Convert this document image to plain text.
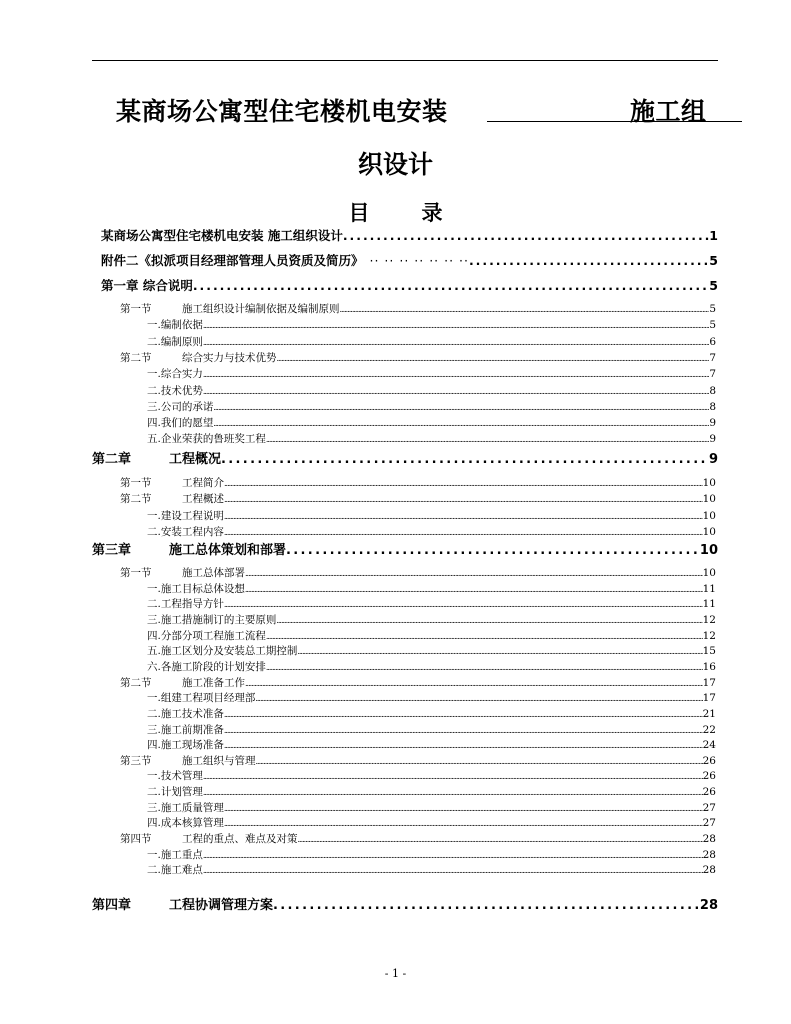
某商场公寓型住宅楼机电安装	施工组
织设计
目录
某商场公寓型住宅楼机电安装 施工组织设计 . . .	1
附件二《拟派项目经理部管理人员资质及简历》 ·· ·· ·· ·· ·· ·· ·· . . .	5
第一章 综合说明 . . .	5
第一节	施工组织设计编制依据及编制原则 .....	5
一.编制依据 .....	5
二.编制原则 .....	6
第二节	综合实力与技术优势 .....	7
一.综合实力 .....	7
二.技术优势 .....	8
三.公司的承诺 .....	8
四.我们的愿望 .....	9
五.企业荣获的鲁班奖工程 .....	9
第二章	工程概况 . . .	9
第一节	工程简介 .....	10
第二节	工程概述 .....	10
一.建设工程说明 .....	10
二.安装工程内容 .....	10
第三章	施工总体策划和部署 . . .	10
第一节	施工总体部署 .....	10
一.施工目标总体设想 .....	11
二.工程指导方针 .....	11
三.施工措施制订的主要原则 .....	12
四.分部分项工程施工流程 .....	12
五.施工区划分及安装总工期控制 .....	15
六.各施工阶段的计划安排 .....	16
第二节	施工准备工作 .....	17
一.组建工程项目经理部 .....	17
二.施工技术准备 .....	21
三.施工前期准备 .....	22
四.施工现场准备 .....	24
第三节	施工组织与管理 .....	26
一.技术管理 .....	26
二.计划管理 .....	26
三.施工质量管理 .....	27
四.成本核算管理 .....	27
第四节	工程的重点、难点及对策 .....	28
一.施工重点 .....	28
二.施工难点 .....	28
第四章	工程协调管理方案 . . .	28
- 1 -
